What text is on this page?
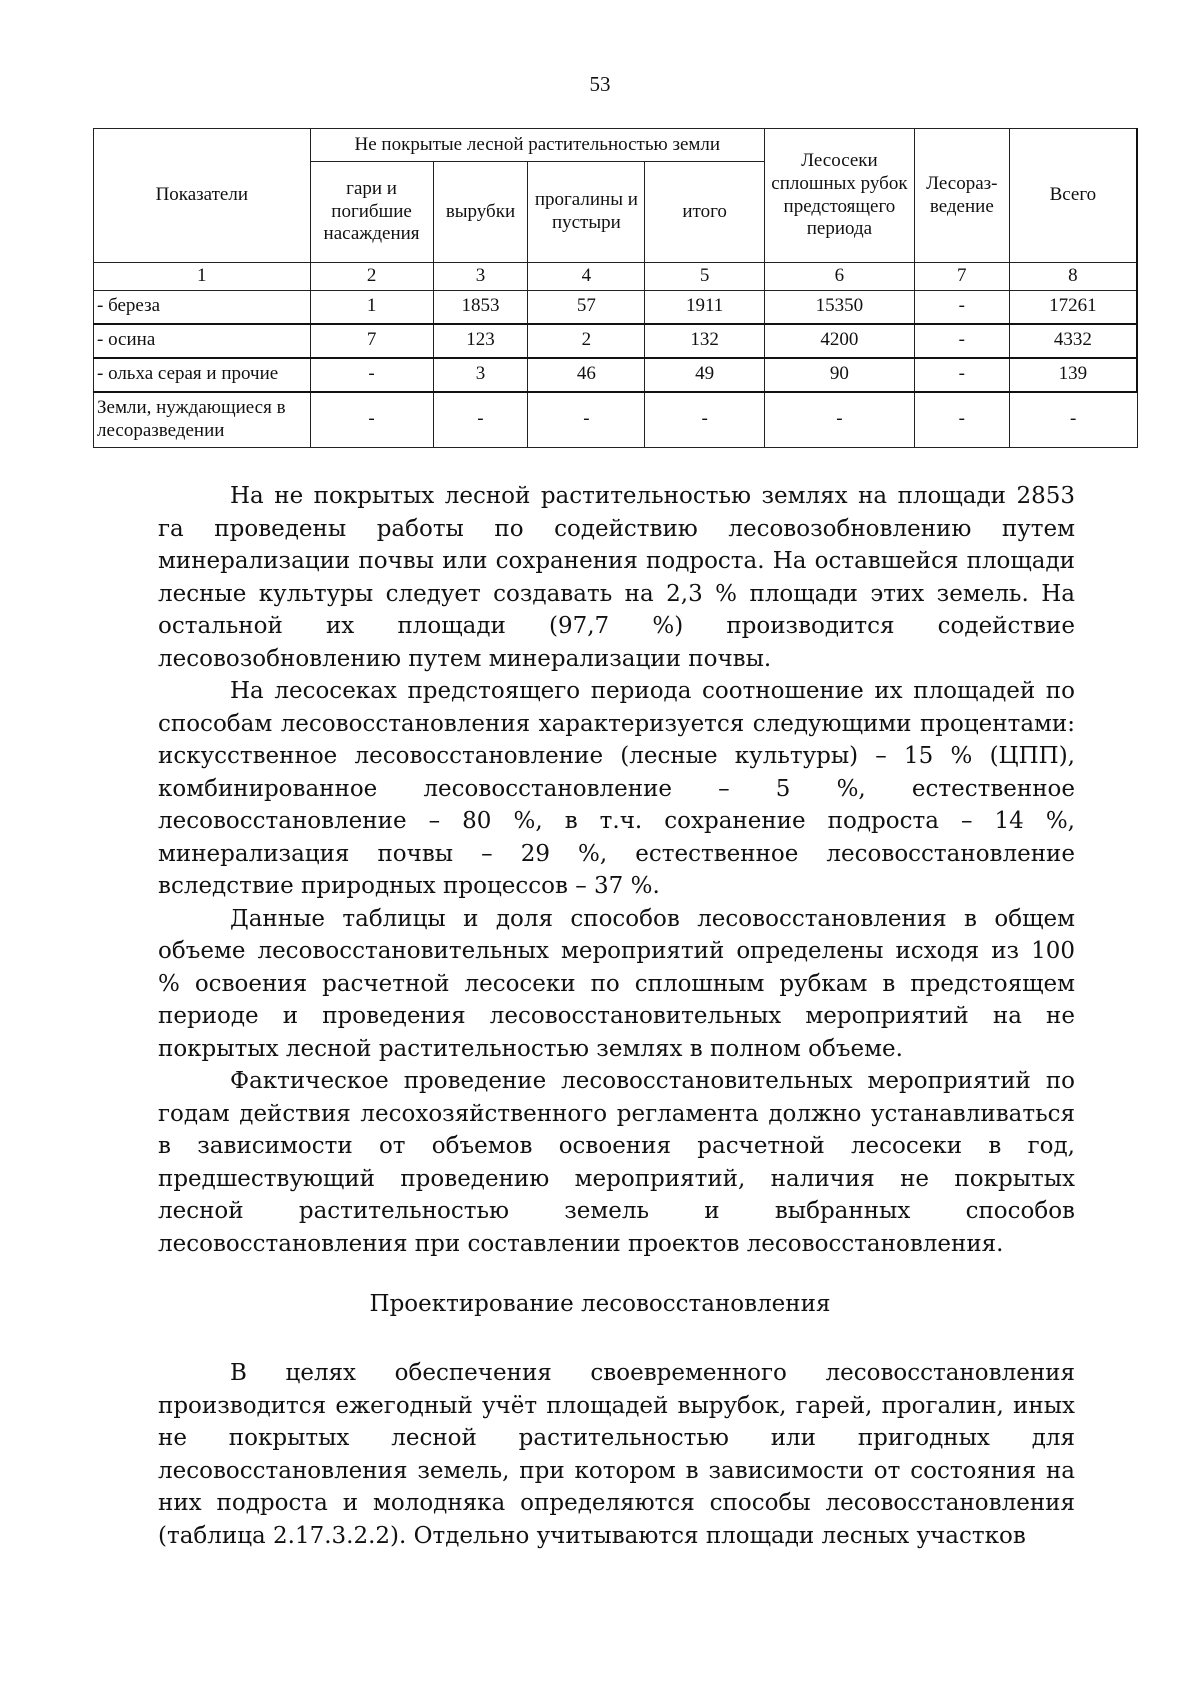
53
Показатели	Не покрытые лесной растительностью земли				Лесосеки сплошных рубок предстоящего периода	Лесораз-ведение	Всего
	гари и погибшие насаждения	вырубки	прогалины и пустыри	итого			
1	2	3	4	5	6	7	8
- береза	1	1853	57	1911	15350	-	17261
- осина	7	123	2	132	4200	-	4332
- ольха серая и прочие	-	3	46	49	90	-	139
Земли, нуждающиеся в лесоразведении	-	-	-	-	-	-	-

На не покрытых лесной растительностью землях на площади 2853 га проведены работы по содействию лесовозобновлению путем минерализации почвы или сохранения подроста. На оставшейся площади лесные культуры следует создавать на 2,3 % площади этих земель. На остальной их площади (97,7 %) производится содействие лесовозобновлению путем минерализации почвы.

На лесосеках предстоящего периода соотношение их площадей по способам лесовосстановления характеризуется следующими процентами: искусственное лесовосстановление (лесные культуры) – 15 % (ЦПП), комбинированное лесовосстановление – 5 %, естественное лесовосстановление – 80 %, в т.ч. сохранение подроста – 14 %, минерализация почвы – 29 %, естественное лесовосстановление вследствие природных процессов – 37 %.

Данные таблицы и доля способов лесовосстановления в общем объеме лесовосстановительных мероприятий определены исходя из 100 % освоения расчетной лесосеки по сплошным рубкам в предстоящем периоде и проведения лесовосстановительных мероприятий на не покрытых лесной растительностью землях в полном объеме.

Фактическое проведение лесовосстановительных мероприятий по годам действия лесохозяйственного регламента должно устанавливаться в зависимости от объемов освоения расчетной лесосеки в год, предшествующий проведению мероприятий, наличия не покрытых лесной растительностью земель и выбранных способов лесовосстановления при составлении проектов лесовосстановления.

Проектирование лесовосстановления

В целях обеспечения своевременного лесовосстановления производится ежегодный учёт площадей вырубок, гарей, прогалин, иных не покрытых лесной растительностью или пригодных для лесовосстановления земель, при котором в зависимости от состояния на них подроста и молодняка определяются способы лесовосстановления (таблица 2.17.3.2.2). Отдельно учитываются площади лесных участков
